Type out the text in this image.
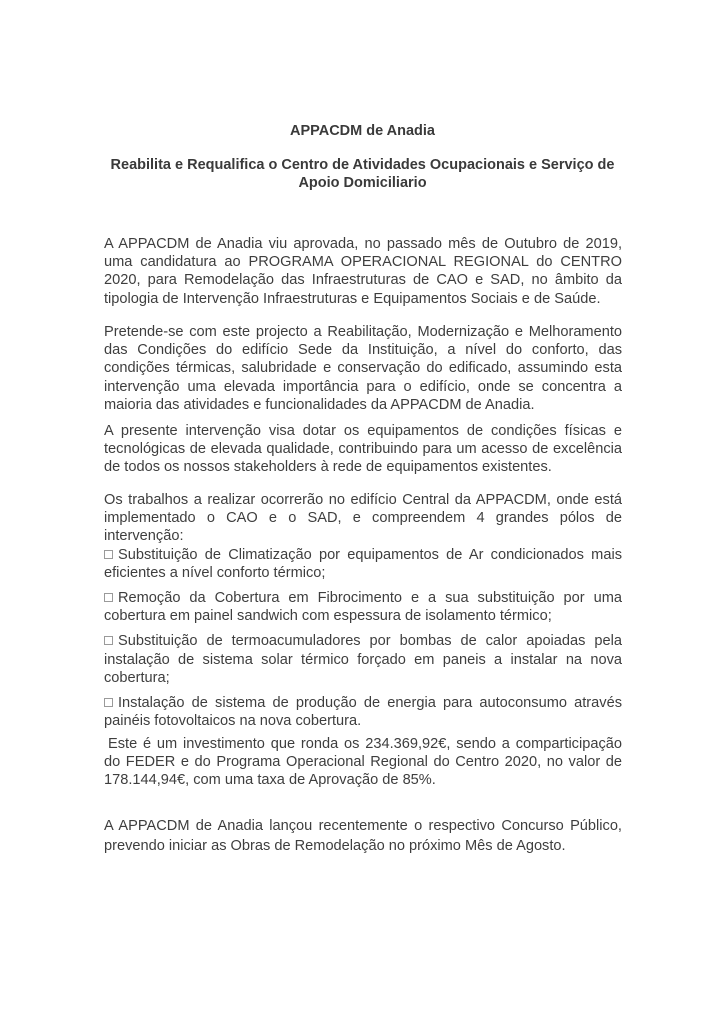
APPACDM de Anadia
Reabilita e Requalifica o Centro de Atividades Ocupacionais e Serviço de
Apoio Domiciliario

A APPACDM de Anadia viu aprovada, no passado mês de Outubro de 2019, uma candidatura ao PROGRAMA OPERACIONAL REGIONAL do CENTRO 2020, para Remodelação das Infraestruturas de CAO e SAD, no âmbito da tipologia de Intervenção Infraestruturas e Equipamentos Sociais e de Saúde.

Pretende-se com este projecto a Reabilitação, Modernização e Melhoramento das Condições do edifício Sede da Instituição, a nível do conforto, das condições térmicas, salubridade e conservação do edificado, assumindo esta intervenção uma elevada importância para o edifício, onde se concentra a maioria das atividades e funcionalidades da APPACDM de Anadia.

A presente intervenção visa dotar os equipamentos de condições físicas e tecnológicas de elevada qualidade, contribuindo para um acesso de excelência de todos os nossos stakeholders à rede de equipamentos existentes.

Os trabalhos a realizar ocorrerão no edifício Central da APPACDM, onde está implementado o CAO e o SAD, e compreendem 4 grandes pólos de intervenção:

Substituição de Climatização por equipamentos de Ar condicionados mais eficientes a nível conforto térmico;
Remoção da Cobertura em Fibrocimento e a sua substituição por uma cobertura em painel sandwich com espessura de isolamento térmico;
Substituição de termoacumuladores por bombas de calor apoiadas pela instalação de sistema solar térmico forçado em paneis a instalar na nova cobertura;
Instalação de sistema de produção de energia para autoconsumo através painéis fotovoltaicos na nova cobertura.

Este é um investimento que ronda os 234.369,92€, sendo a comparticipação do FEDER e do Programa Operacional Regional do Centro 2020, no valor de 178.144,94€, com uma taxa de Aprovação de 85%.

A APPACDM de Anadia lançou recentemente o respectivo Concurso Público, prevendo iniciar as Obras de Remodelação no próximo Mês de Agosto.
